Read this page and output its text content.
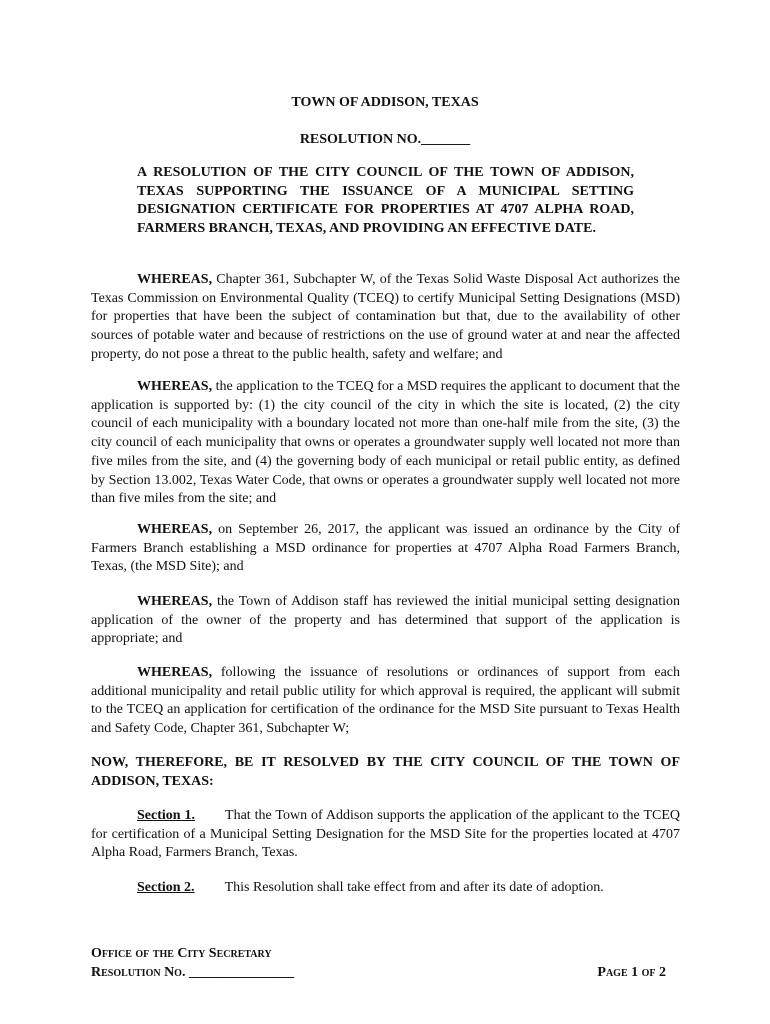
TOWN OF ADDISON, TEXAS
RESOLUTION NO._______
A RESOLUTION OF THE CITY COUNCIL OF THE TOWN OF ADDISON, TEXAS SUPPORTING THE ISSUANCE OF A MUNICIPAL SETTING DESIGNATION CERTIFICATE FOR PROPERTIES AT 4707 ALPHA ROAD, FARMERS BRANCH, TEXAS, AND PROVIDING AN EFFECTIVE DATE.
WHEREAS, Chapter 361, Subchapter W, of the Texas Solid Waste Disposal Act authorizes the Texas Commission on Environmental Quality (TCEQ) to certify Municipal Setting Designations (MSD) for properties that have been the subject of contamination but that, due to the availability of other sources of potable water and because of restrictions on the use of ground water at and near the affected property, do not pose a threat to the public health, safety and welfare; and
WHEREAS, the application to the TCEQ for a MSD requires the applicant to document that the application is supported by: (1) the city council of the city in which the site is located, (2) the city council of each municipality with a boundary located not more than one-half mile from the site, (3) the city council of each municipality that owns or operates a groundwater supply well located not more than five miles from the site, and (4) the governing body of each municipal or retail public entity, as defined by Section 13.002, Texas Water Code, that owns or operates a groundwater supply well located not more than five miles from the site; and
WHEREAS, on September 26, 2017, the applicant was issued an ordinance by the City of Farmers Branch establishing a MSD ordinance for properties at 4707 Alpha Road Farmers Branch, Texas, (the MSD Site); and
WHEREAS, the Town of Addison staff has reviewed the initial municipal setting designation application of the owner of the property and has determined that support of the application is appropriate; and
WHEREAS, following the issuance of resolutions or ordinances of support from each additional municipality and retail public utility for which approval is required, the applicant will submit to the TCEQ an application for certification of the ordinance for the MSD Site pursuant to Texas Health and Safety Code, Chapter 361, Subchapter W;
NOW, THEREFORE, BE IT RESOLVED BY THE CITY COUNCIL OF THE TOWN OF ADDISON, TEXAS:
Section 1. That the Town of Addison supports the application of the applicant to the TCEQ for certification of a Municipal Setting Designation for the MSD Site for the properties located at 4707 Alpha Road, Farmers Branch, Texas.
Section 2. This Resolution shall take effect from and after its date of adoption.
Office of the City Secretary
Resolution No. _______________	Page 1 of 2
